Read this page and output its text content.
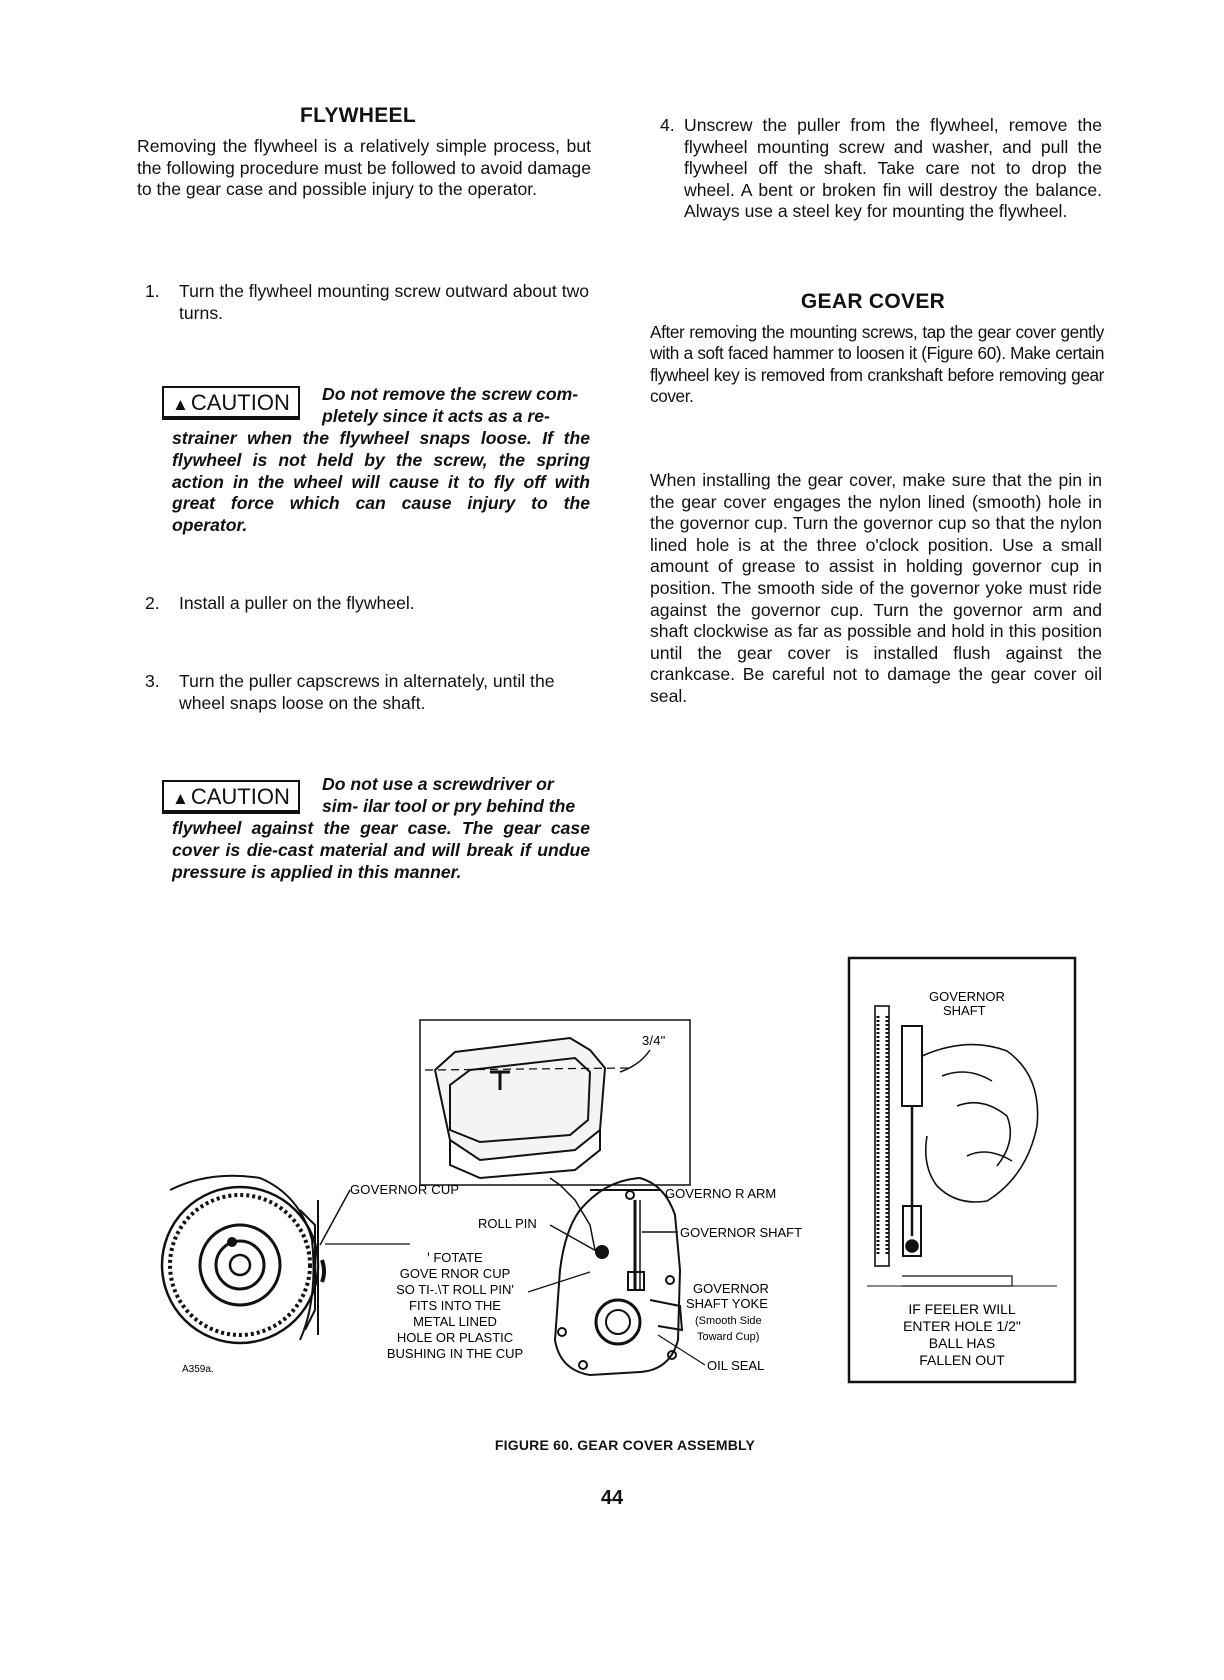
FLYWHEEL
Removing the flywheel is a relatively simple process, but the following procedure must be followed to avoid damage to the gear case and possible injury to the operator.
1. Turn the flywheel mounting screw outward about two turns.
▲CAUTION	Do not remove the screw com- pletely since it acts as a re-
strainer when the flywheel snaps loose. If the flywheel is not held by the screw, the spring action in the wheel will cause it to fly off with great force which can cause injury to the operator.
2. Install a puller on the flywheel.
3. Turn the puller capscrews in alternately, until the wheel snaps loose on the shaft.
▲CAUTION	Do not use a screwdriver or sim- ilar tool or pry behind the
flywheel against the gear case. The gear case cover is die-cast material and will break if undue pressure is applied in this manner.
4. Unscrew the puller from the flywheel, remove the flywheel mounting screw and washer, and pull the flywheel off the shaft. Take care not to drop the wheel. A bent or broken fin will destroy the balance. Always use a steel key for mounting the flywheel.
GEAR COVER
After removing the mounting screws, tap the gear cover gently with a soft faced hammer to loosen it (Figure 60). Make certain flywheel key is removed from crankshaft before removing gear cover.
When installing the gear cover, make sure that the pin in the gear cover engages the nylon lined (smooth) hole in the governor cup. Turn the governor cup so that the nylon lined hole is at the three o'clock position. Use a small amount of grease to assist in holding governor cup in position. The smooth side of the governor yoke must ride against the governor cup. Turn the governor arm and shaft clockwise as far as possible and hold in this position until the gear cover is installed flush against the crankcase. Be careful not to damage the gear cover oil seal.
3/4"
A359a.
GOVERNOR CUP
ꞌ FOTATE
GOVE RNOR CUP
SO TI-.\T ROLL PIN'
FITS INTO THE
METAL LINED
HOLE OR PLASTIC
BUSHING IN THE CUP
ROLL PIN
GOVERNO R ARM
GOVERNOR SHAFT
GOVERNOR
SHAFT YOKE
(Smooth Side
Toward Cup)
OIL SEAL
GOVERNOR
SHAFT
IF FEELER WILL
ENTER HOLE 1/2"
BALL HAS
FALLEN OUT
FIGURE 60. GEAR COVER ASSEMBLY
44
